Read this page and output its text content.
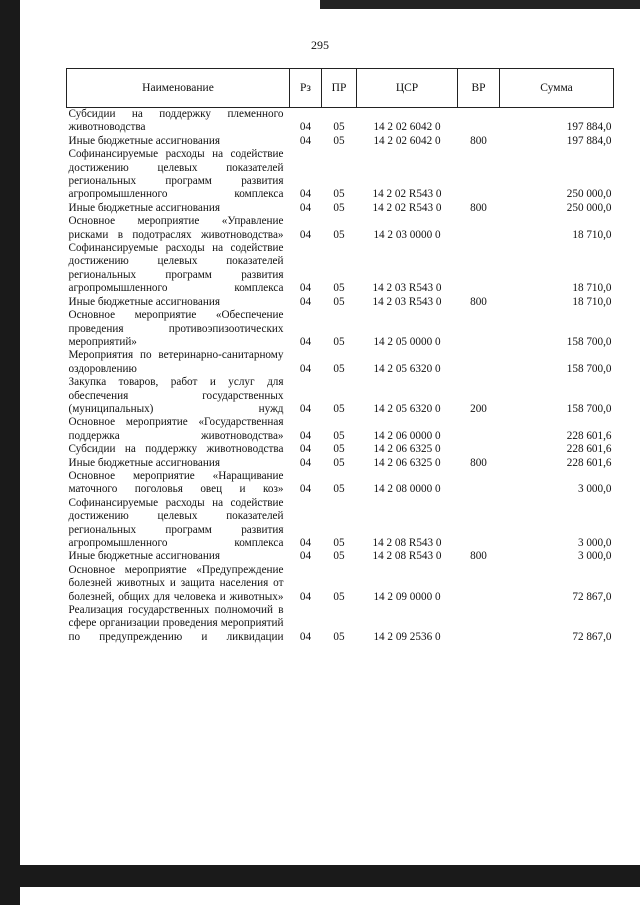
295
Наименование	Рз	ПР	ЦСР	ВР	Сумма
Субсидии на поддержку племенного животноводства	04	05	14 2 02 6042 0		197 884,0
Иные бюджетные ассигнования	04	05	14 2 02 6042 0	800	197 884,0
Софинансируемые расходы на содействие достижению целевых показателей региональных программ развития агропромышленного комплекса	04	05	14 2 02 R543 0		250 000,0
Иные бюджетные ассигнования	04	05	14 2 02 R543 0	800	250 000,0
Основное мероприятие «Управление рисками в подотраслях животноводства»	04	05	14 2 03 0000 0		18 710,0
Софинансируемые расходы на содействие достижению целевых показателей региональных программ развития агропромышленного комплекса	04	05	14 2 03 R543 0		18 710,0
Иные бюджетные ассигнования	04	05	14 2 03 R543 0	800	18 710,0
Основное мероприятие «Обеспечение проведения противоэпизоотических мероприятий»	04	05	14 2 05 0000 0		158 700,0
Мероприятия по ветеринарно-санитарному оздоровлению	04	05	14 2 05 6320 0		158 700,0
Закупка товаров, работ и услуг для обеспечения государственных (муниципальных) нужд	04	05	14 2 05 6320 0	200	158 700,0
Основное мероприятие «Государственная поддержка животноводства»	04	05	14 2 06 0000 0		228 601,6
Субсидии на поддержку животноводства	04	05	14 2 06 6325 0		228 601,6
Иные бюджетные ассигнования	04	05	14 2 06 6325 0	800	228 601,6
Основное мероприятие «Наращивание маточного поголовья овец и коз»	04	05	14 2 08 0000 0		3 000,0
Софинансируемые расходы на содействие достижению целевых показателей региональных программ развития агропромышленного комплекса	04	05	14 2 08 R543 0		3 000,0
Иные бюджетные ассигнования	04	05	14 2 08 R543 0	800	3 000,0
Основное мероприятие «Предупреждение болезней животных и защита населения от болезней, общих для человека и животных»	04	05	14 2 09 0000 0		72 867,0
Реализация государственных полномочий в сфере организации проведения мероприятий по предупреждению и ликвидации	04	05	14 2 09 2536 0		72 867,0
